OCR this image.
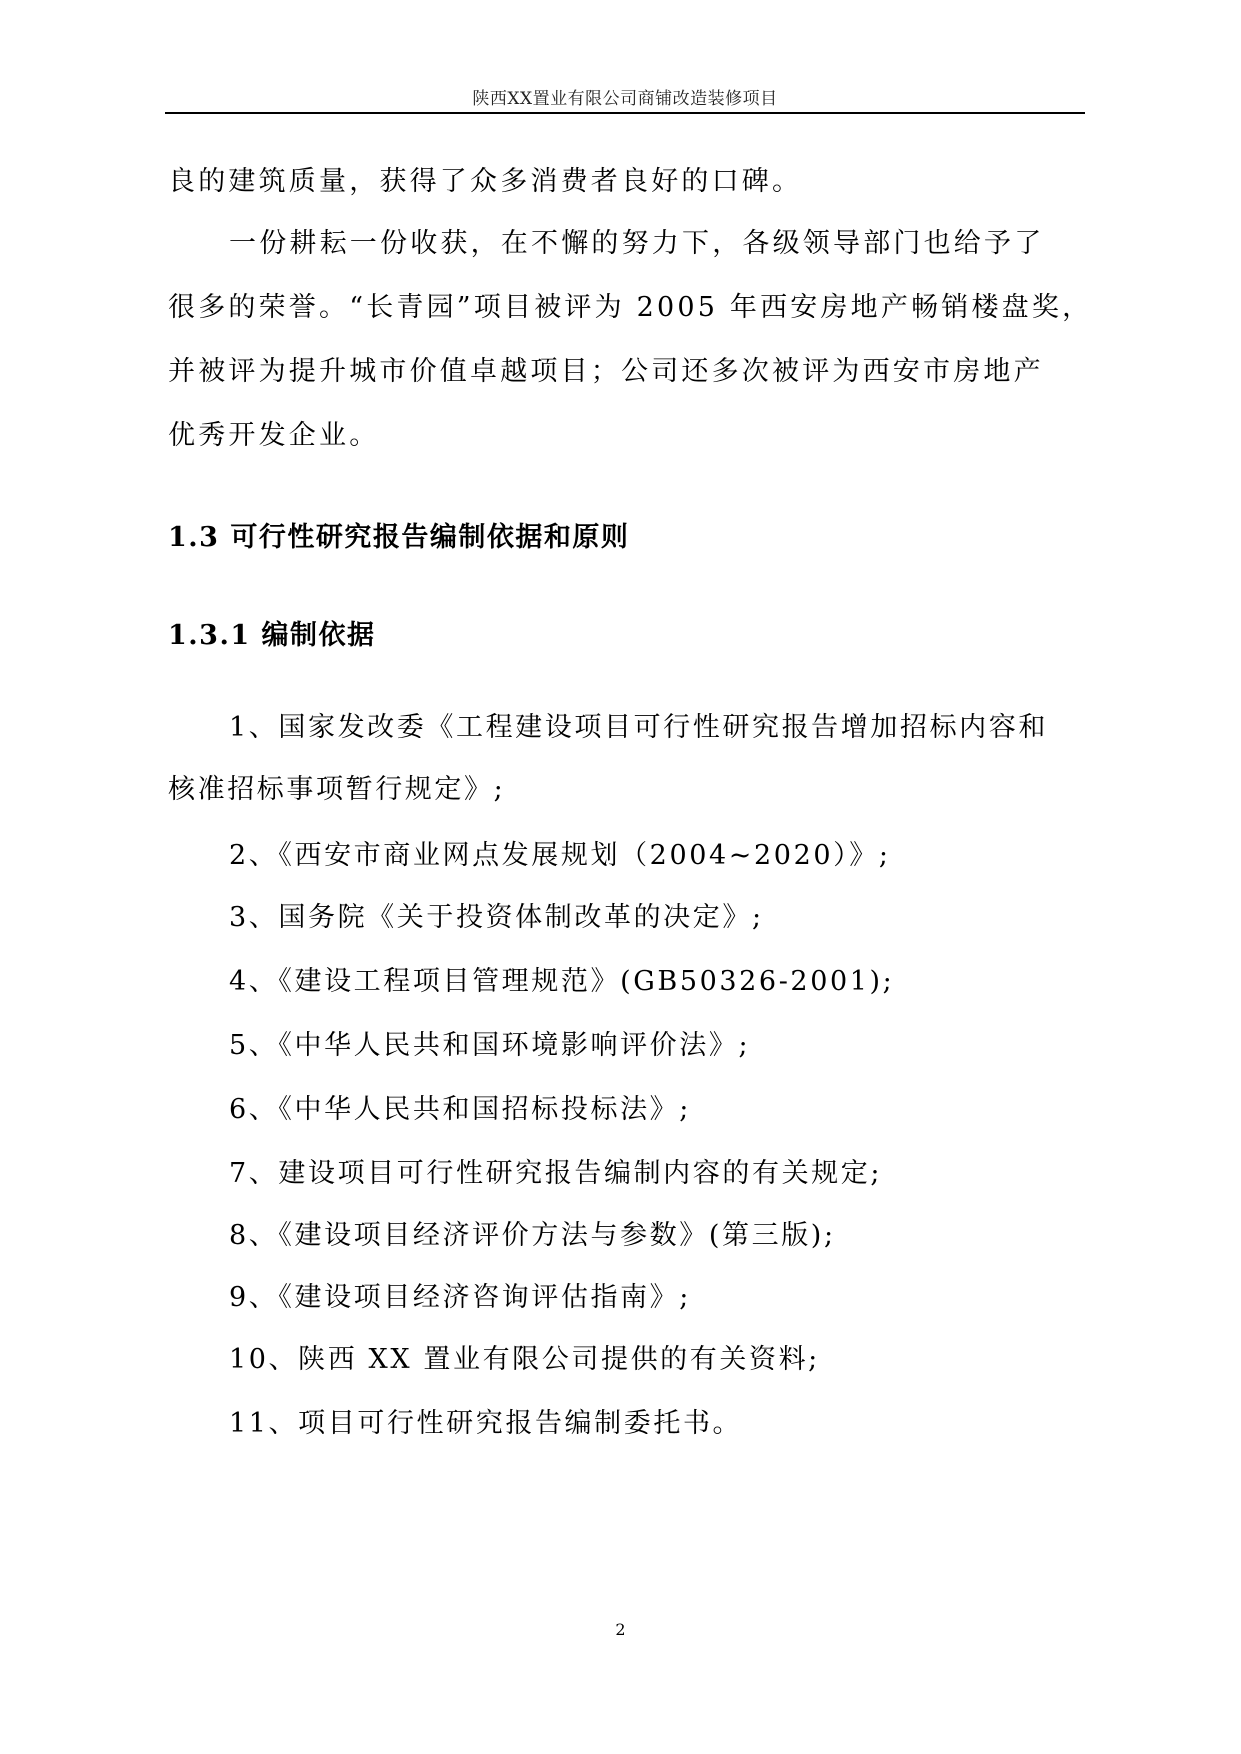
陕西XX置业有限公司商铺改造装修项目
良的建筑质量，获得了众多消费者良好的口碑。
一份耕耘一份收获，在不懈的努力下，各级领导部门也给予了
很多的荣誉。“长青园”项目被评为 2005 年西安房地产畅销楼盘奖，
并被评为提升城市价值卓越项目；公司还多次被评为西安市房地产
优秀开发企业。
1.3 可行性研究报告编制依据和原则
1.3.1 编制依据
1、国家发改委《工程建设项目可行性研究报告增加招标内容和
核准招标事项暂行规定》;
2、《西安市商业网点发展规划（2004~2020）》;
3、国务院《关于投资体制改革的决定》;
4、《建设工程项目管理规范》(GB50326-2001);
5、《中华人民共和国环境影响评价法》;
6、《中华人民共和国招标投标法》;
7、建设项目可行性研究报告编制内容的有关规定;
8、《建设项目经济评价方法与参数》(第三版);
9、《建设项目经济咨询评估指南》;
10、陕西 XX 置业有限公司提供的有关资料;
11、项目可行性研究报告编制委托书。
2
